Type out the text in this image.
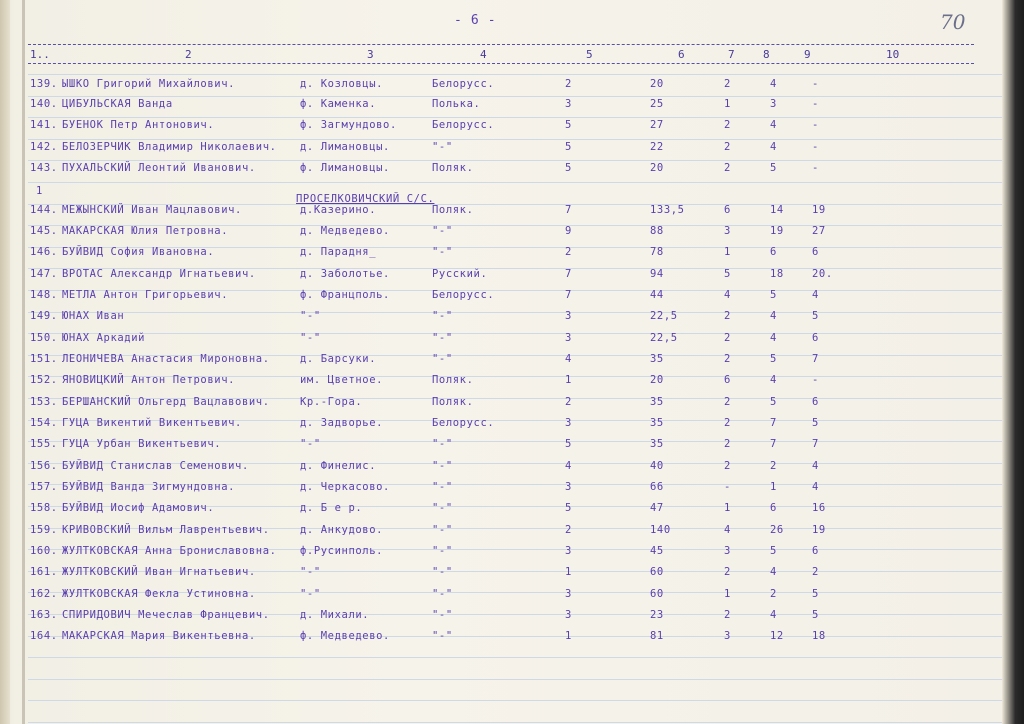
- 6 -	70
1..	2	3	4	5	6	7	8	9	10
1
ПРОСЕЛКОВИЧСКИЙ С/С.
139. ЫШКО Григорий Михайлович.	д. Козловцы.	Белорусс.	2	20	2	4	-
140. ЦИБУЛЬСКАЯ Ванда	ф. Каменка.	Полька.	3	25	1	3	-
141. БУЕНОК Петр Антонович.	ф. Загмундово.	Белорусс.	5	27	2	4	-
142. БЕЛОЗЕРЧИК Владимир Николаевич. д. Лимановцы.	"-"	5	22	2	4	-
143. ПУХАЛЬСКИЙ Леонтий Иванович.	ф. Лимановцы.	Поляк.	5	20	2	5	-
144. МЕЖЫНСКИЙ Иван Мацлавович.	д.Казерино.	Поляк.	7	133,5	6	14	19
145. МАКАРСКАЯ Юлия Петровна.	д. Медведево.	"-"	9	88	3	19	27
146. БУЙВИД София Ивановна.	д. Парадня_	"-"	2	78	1	6	6
147. ВРОТАС Александр Игнатьевич.	д. Заболотье.	Русский.	7	94	5	18	20.
148. МЕТЛА Антон Григорьевич.	ф. Францполь.	Белорусс.	7	44	4	5	4
149. ЮНАХ Иван	"-"	"-"	3	22,5	2	4	5
150. ЮНАХ Аркадий	"-"	"-"	3	22,5	2	4	6
151. ЛЕОНИЧЕВА Анастасия Мироновна.	д. Барсуки.	"-"	4	35	2	5	7
152. ЯНОВИЦКИЙ Антон Петрович.	им. Цветное.	Поляк.	1	20	6	4	-
153. БЕРШАНСКИЙ Ольгерд Вацлавович.	Кр.-Гора.	Поляк.	2	35	2	5	6
154. ГУЦА Викентий Викентьевич.	д. Задворье.	Белорусс.	3	35	2	7	5
155. ГУЦА Урбан Викентьевич.	"-"	"-"	5	35	2	7	7
156. БУЙВИД Станислав Семенович.	д. Финелис.	"-"	4	40	2	2	4
157. БУЙВИД Ванда Зигмундовна.	д. Черкасово.	"-"	3	66	-	1	4
158. БУЙВИД Иосиф Адамович.	д. Б е р.	"-"	5	47	1	6	16
159. КРИВОВСКИЙ Вильм Лаврентьевич.	д. Анкудово.	"-"	2	140	4	26	19
160. ЖУЛТКОВСКАЯ Анна Брониславовна. ф.Русинполь.	"-"	3	45	3	5	6
161. ЖУЛТКОВСКИЙ Иван Игнатьевич.	"-"	"-"	1	60	2	4	2
162. ЖУЛТКОВСКАЯ Фекла Устиновна.	"-"	"-"	3	60	1	2	5
163. СПИРИДОВИЧ Мечеслав Францевич.	д. Михали.	"-"	3	23	2	4	5
164. МАКАРСКАЯ Мария Викентьевна.	ф. Медведево.	"-"	1	81	3	12	18
